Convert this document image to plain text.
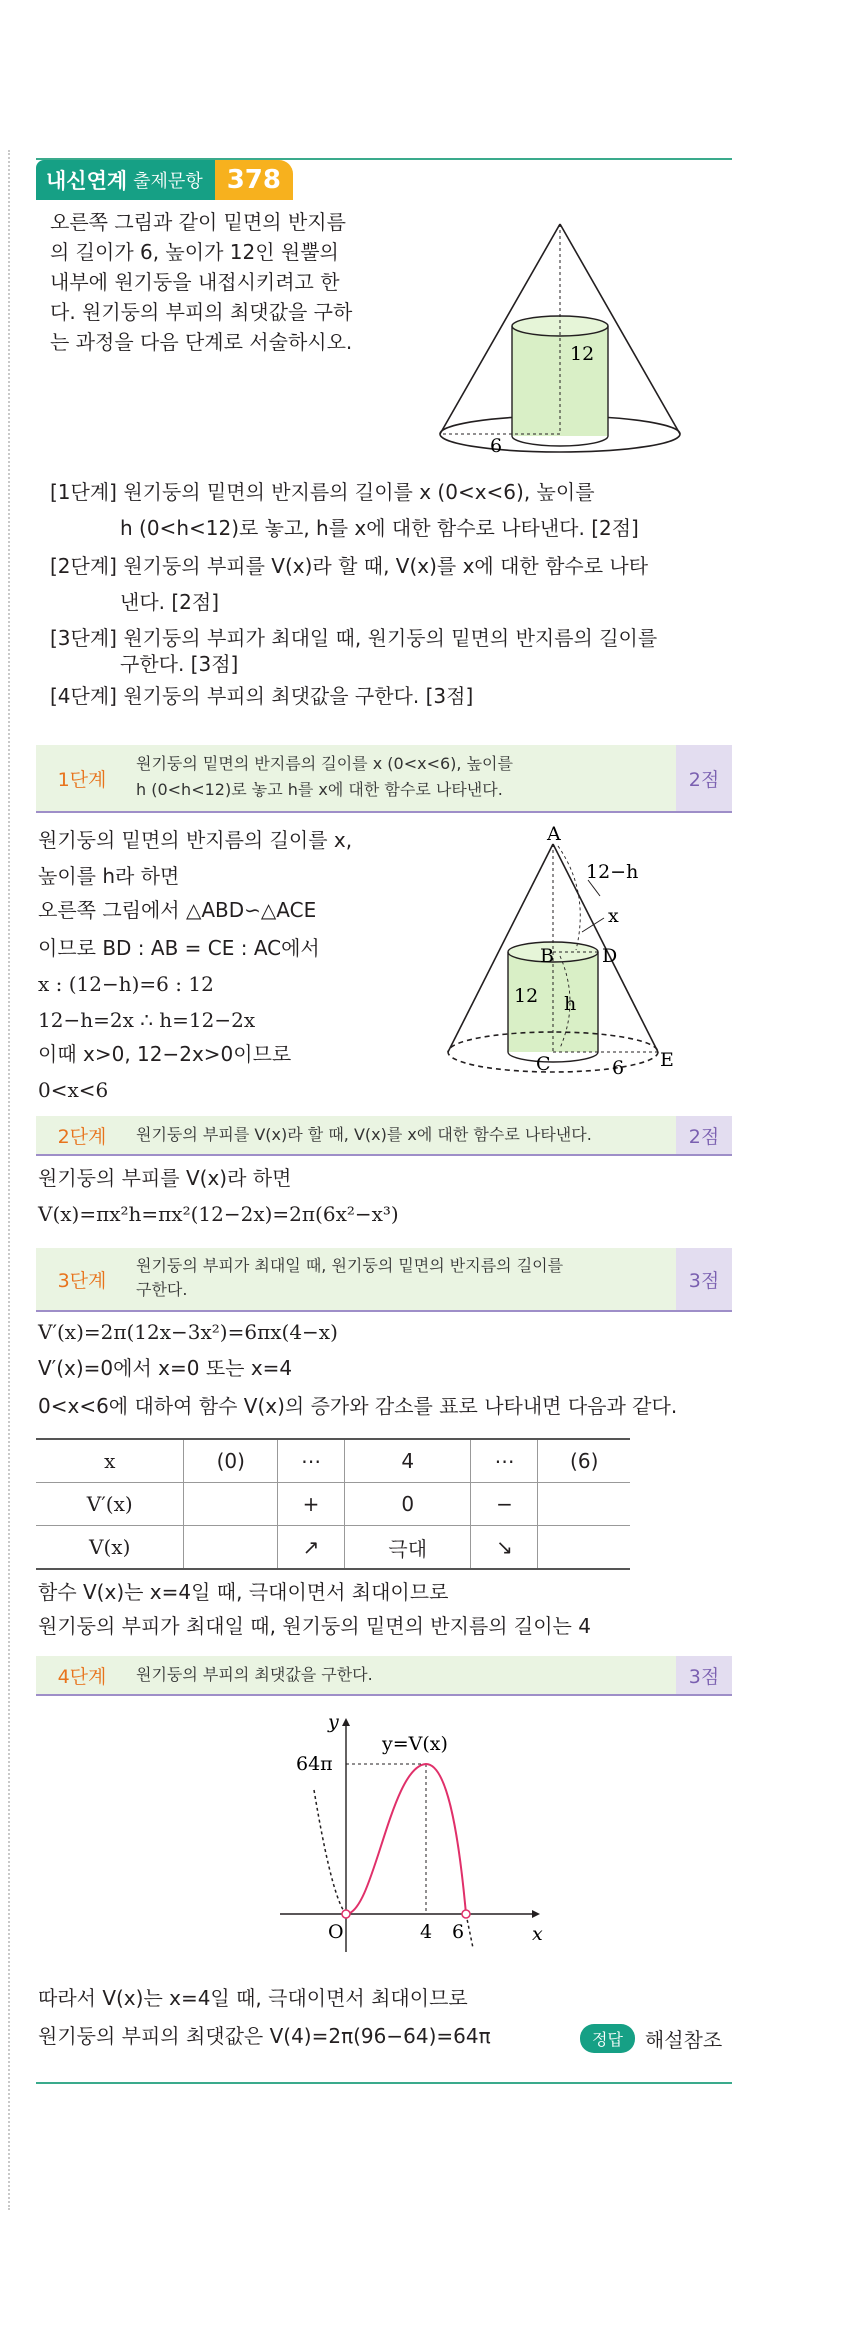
내신연계 출제문항 378
오른쪽 그림과 같이 밑면의 반지름
의 길이가 6, 높이가 12인 원뿔의
내부에 원기둥을 내접시키려고 한
다. 원기둥의 부피의 최댓값을 구하
는 과정을 다음 단계로 서술하시오.	12
6
[1단계] 원기둥의 밑면의 반지름의 길이를 x (0<x<6), 높이를
h (0<h<12)로 놓고, h를 x에 대한 함수로 나타낸다. [2점]
[2단계] 원기둥의 부피를 V(x)라 할 때, V(x)를 x에 대한 함수로 나타
낸다. [2점]
[3단계] 원기둥의 부피가 최대일 때, 원기둥의 밑면의 반지름의 길이를
구한다. [3점]
[4단계] 원기둥의 부피의 최댓값을 구한다. [3점]
1단계
원기둥의 밑면의 반지름의 길이를 x (0<x<6), 높이를
h (0<h<12)로 놓고 h를 x에 대한 함수로 나타낸다.	2점
원기둥의 밑면의 반지름의 길이를 x,
높이를 h라 하면
오른쪽 그림에서 △ABD∽△ACE
이므로 BD : AB = CE : AC에서
x : (12−h)=6 : 12
12−h=2x ∴ h=12−2x
이때 x>0, 12−2x>0이므로
0<x<6
A
B
C
D
E
12−h
x
h
12
6
2단계	원기둥의 부피를 V(x)라 할 때, V(x)를 x에 대한 함수로 나타낸다.	2점
원기둥의 부피를 V(x)라 하면
V(x)=πx²h=πx²(12−2x)=2π(6x²−x³)
3단계
원기둥의 부피가 최대일 때, 원기둥의 밑면의 반지름의 길이를
구한다.	3점
V′(x)=2π(12x−3x²)=6πx(4−x)
V′(x)=0에서 x=0 또는 x=4
0<x<6에 대하여 함수 V(x)의 증가와 감소를 표로 나타내면 다음과 같다.
x	(0)	⋯	4	⋯	(6)
V′(x)		+	0	−	
V(x)		↗	극대	↘	
함수 V(x)는 x=4일 때, 극대이면서 최대이므로
원기둥의 부피가 최대일 때, 원기둥의 밑면의 반지름의 길이는 4
4단계	원기둥의 부피의 최댓값을 구한다.	3점
y
x
y=V(x)
64π
O	4 6
따라서 V(x)는 x=4일 때, 극대이면서 최대이므로
원기둥의 부피의 최댓값은 V(4)=2π(96−64)=64π	정답	해설참조
